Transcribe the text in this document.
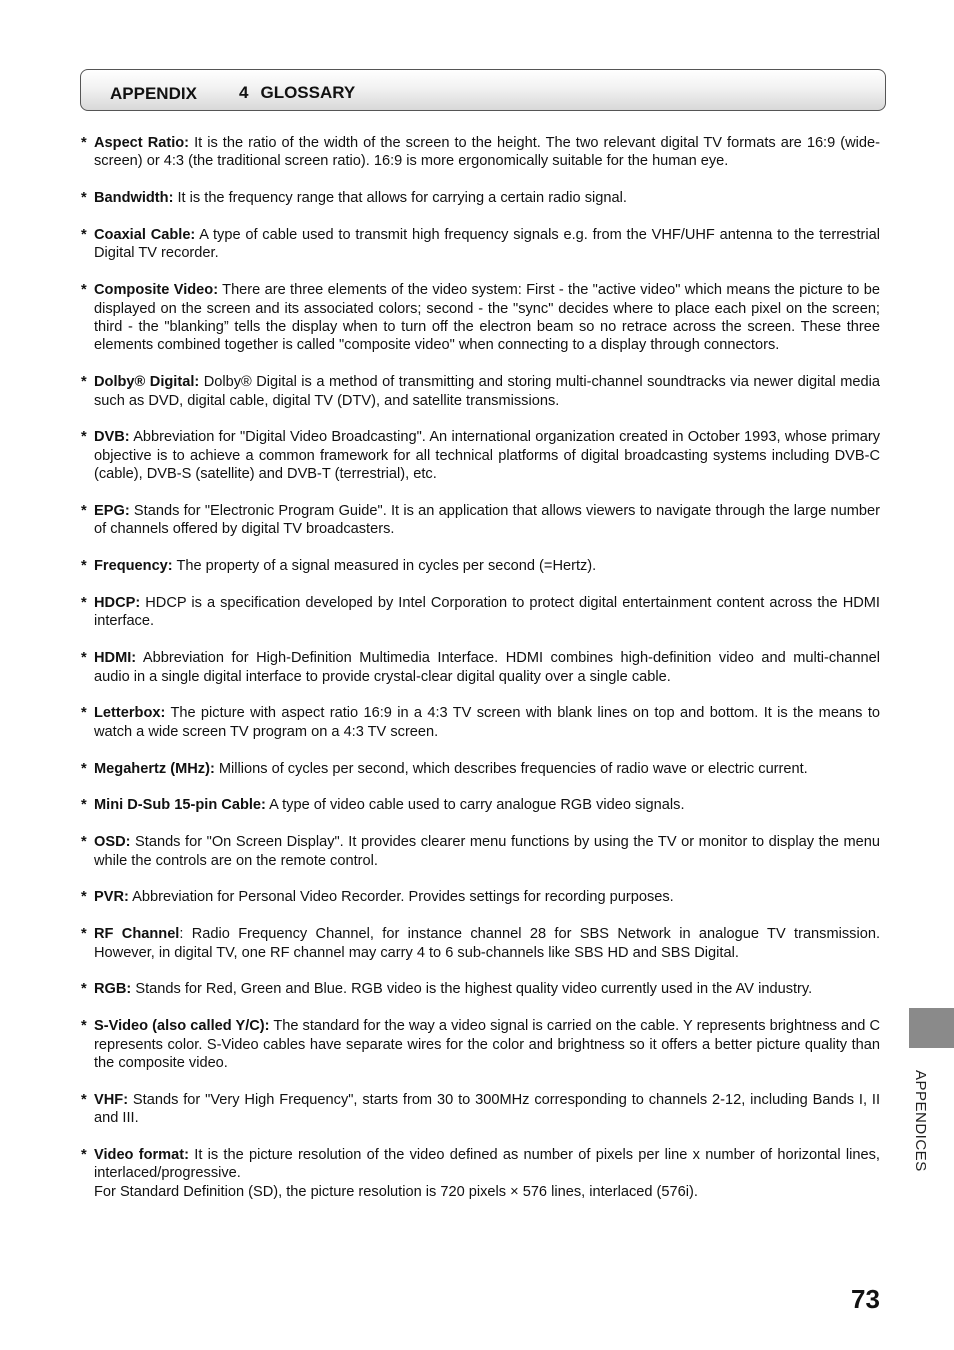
APPENDIX 4 GLOSSARY
* Aspect Ratio: It is the ratio of the width of the screen to the height. The two relevant digital TV formats are 16:9 (wide-screen) or 4:3 (the traditional screen ratio). 16:9 is more ergonomically suitable for the human eye.
* Bandwidth: It is the frequency range that allows for carrying a certain radio signal.
* Coaxial Cable: A type of cable used to transmit high frequency signals e.g. from the VHF/UHF antenna to the terrestrial Digital TV recorder.
* Composite Video: There are three elements of the video system: First - the "active video" which means the picture to be displayed on the screen and its associated colors; second - the "sync" decides where to place each pixel on the screen; third - the "blanking” tells the display when to turn off the electron beam so no retrace across the screen. These three elements combined together is called "composite video" when connecting to a display through connectors.
* Dolby® Digital: Dolby® Digital is a method of transmitting and storing multi-channel soundtracks via newer digital media such as DVD, digital cable, digital TV (DTV), and satellite transmissions.
* DVB: Abbreviation for "Digital Video Broadcasting". An international organization created in October 1993, whose primary objective is to achieve a common framework for all technical platforms of digital broadcasting systems including DVB-C (cable), DVB-S (satellite) and DVB-T (terrestrial), etc.
* EPG: Stands for "Electronic Program Guide". It is an application that allows viewers to navigate through the large number of channels offered by digital TV broadcasters.
* Frequency: The property of a signal measured in cycles per second (=Hertz).
* HDCP: HDCP is a specification developed by Intel Corporation to protect digital entertainment content across the HDMI interface.
* HDMI: Abbreviation for High-Definition Multimedia Interface. HDMI combines high-definition video and multi-channel audio in a single digital interface to provide crystal-clear digital quality over a single cable.
* Letterbox: The picture with aspect ratio 16:9 in a 4:3 TV screen with blank lines on top and bottom. It is the means to watch a wide screen TV program on a 4:3 TV screen.
* Megahertz (MHz): Millions of cycles per second, which describes frequencies of radio wave or electric current.
* Mini D-Sub 15-pin Cable: A type of video cable used to carry analogue RGB video signals.
* OSD: Stands for "On Screen Display". It provides clearer menu functions by using the TV or monitor to display the menu while the controls are on the remote control.
* PVR: Abbreviation for Personal Video Recorder. Provides settings for recording purposes.
* RF Channel: Radio Frequency Channel, for instance channel 28 for SBS Network in analogue TV transmission. However, in digital TV, one RF channel may carry 4 to 6 sub-channels like SBS HD and SBS Digital.
* RGB: Stands for Red, Green and Blue. RGB video is the highest quality video currently used in the AV industry.
* S-Video (also called Y/C): The standard for the way a video signal is carried on the cable. Y represents brightness and C represents color. S-Video cables have separate wires for the color and brightness so it offers a better picture quality than the composite video.
* VHF: Stands for "Very High Frequency", starts from 30 to 300MHz corresponding to channels 2-12, including Bands I, II and III.
* Video format: It is the picture resolution of the video defined as number of pixels per line x number of horizontal lines, interlaced/progressive.
For Standard Definition (SD), the picture resolution is 720 pixels × 576 lines, interlaced (576i).
APPENDICES
73
